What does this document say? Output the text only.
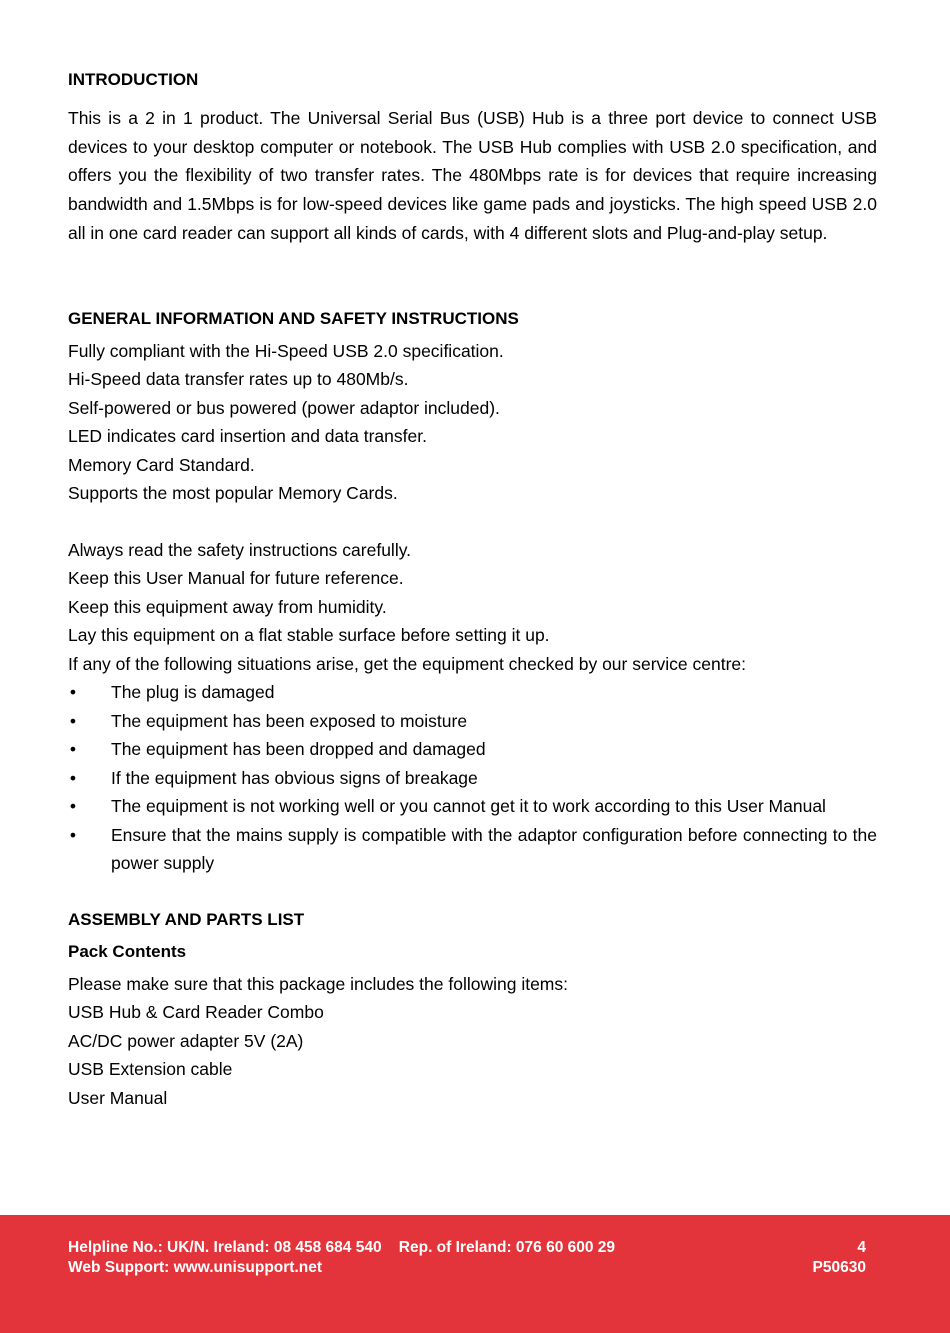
INTRODUCTION

This is a 2 in 1 product. The Universal Serial Bus (USB) Hub is a three port device to connect USB devices to your desktop computer or notebook. The USB Hub complies with USB 2.0 specification, and offers you the flexibility of two transfer rates. The 480Mbps rate is for devices that require increasing bandwidth and 1.5Mbps is for low-speed devices like game pads and joysticks. The high speed USB 2.0 all in one card reader can support all kinds of cards, with 4 different slots and Plug-and-play setup.

GENERAL INFORMATION AND SAFETY INSTRUCTIONS

Fully compliant with the Hi-Speed USB 2.0 specification.

Hi-Speed data transfer rates up to 480Mb/s.

Self-powered or bus powered (power adaptor included).

LED indicates card insertion and data transfer.

Memory Card Standard.

Supports the most popular Memory Cards.

Always read the safety instructions carefully.

Keep this User Manual for future reference.

Keep this equipment away from humidity.

Lay this equipment on a flat stable surface before setting it up.

If any of the following situations arise, get the equipment checked by our service centre:

• The plug is damaged
• The equipment has been exposed to moisture
• The equipment has been dropped and damaged
• If the equipment has obvious signs of breakage
• The equipment is not working well or you cannot get it to work according to this User Manual
• Ensure that the mains supply is compatible with the adaptor configuration before connecting to the power supply
ASSEMBLY AND PARTS LIST
Pack Contents

Please make sure that this package includes the following items:

USB Hub & Card Reader Combo

AC/DC power adapter 5V (2A)

USB Extension cable

User Manual

Helpline No.: UK/N. Ireland: 08 458 684 540    Rep. of Ireland: 076 60 600 29	4
Web Support: www.unisupport.net	P50630
